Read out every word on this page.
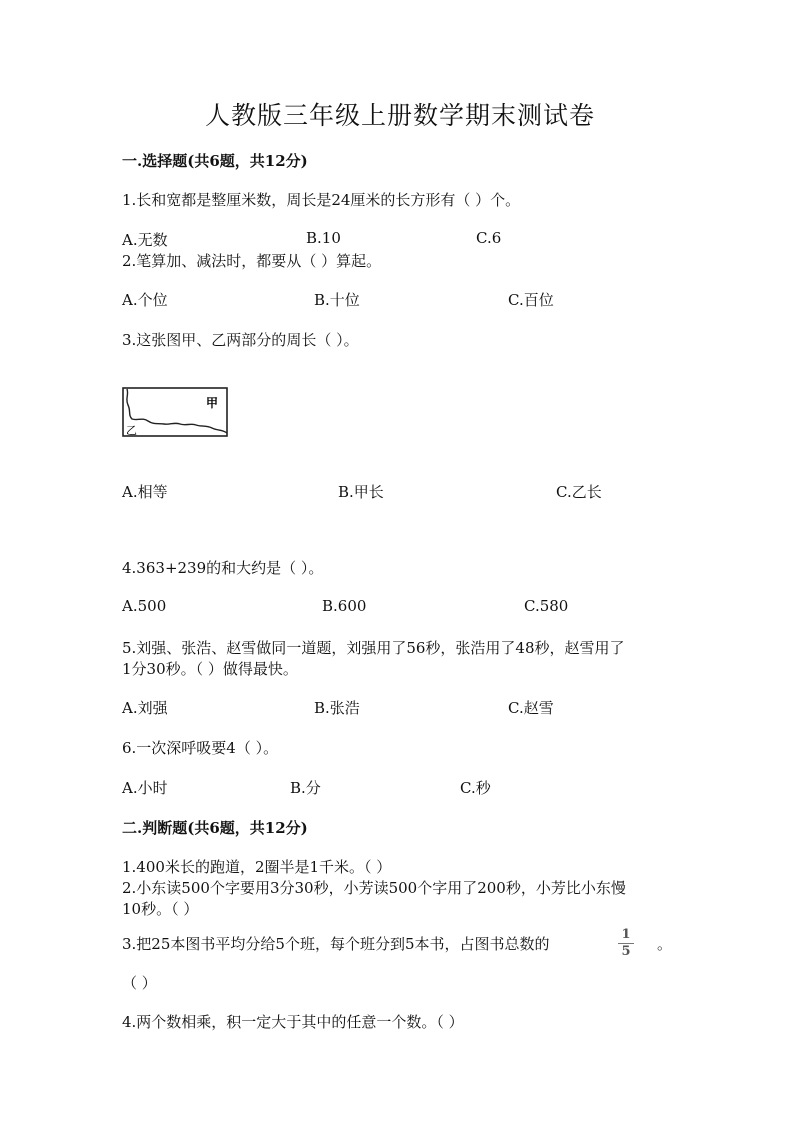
人教版三年级上册数学期末测试卷
一.选择题(共6题，共12分)
1.长和宽都是整厘米数，周长是24厘米的长方形有（ ）个。
A.无数	B.10	C.6
2.笔算加、减法时，都要从（ ）算起。
A.个位	B.十位	C.百位
3.这张图甲、乙两部分的周长（ ）。
甲
乙
A.相等	B.甲长	C.乙长
4.363+239的和大约是（ ）。
A.500	B.600	C.580
5.刘强、张浩、赵雪做同一道题，刘强用了56秒，张浩用了48秒，赵雪用了
1分30秒。（ ）做得最快。
A.刘强	B.张浩	C.赵雪
6.一次深呼吸要4（ ）。
A.小时	B.分	C.秒
二.判断题(共6题，共12分)
1.400米长的跑道，2圈半是1千米。（ ）
2.小东读500个字要用3分30秒，小芳读500个字用了200秒，小芳比小东慢
10秒。（ ）
3.把25本图书平均分给5个班，每个班分到5本书，占图书总数的
1
5 。
（ ）
4.两个数相乘，积一定大于其中的任意一个数。（ ）
